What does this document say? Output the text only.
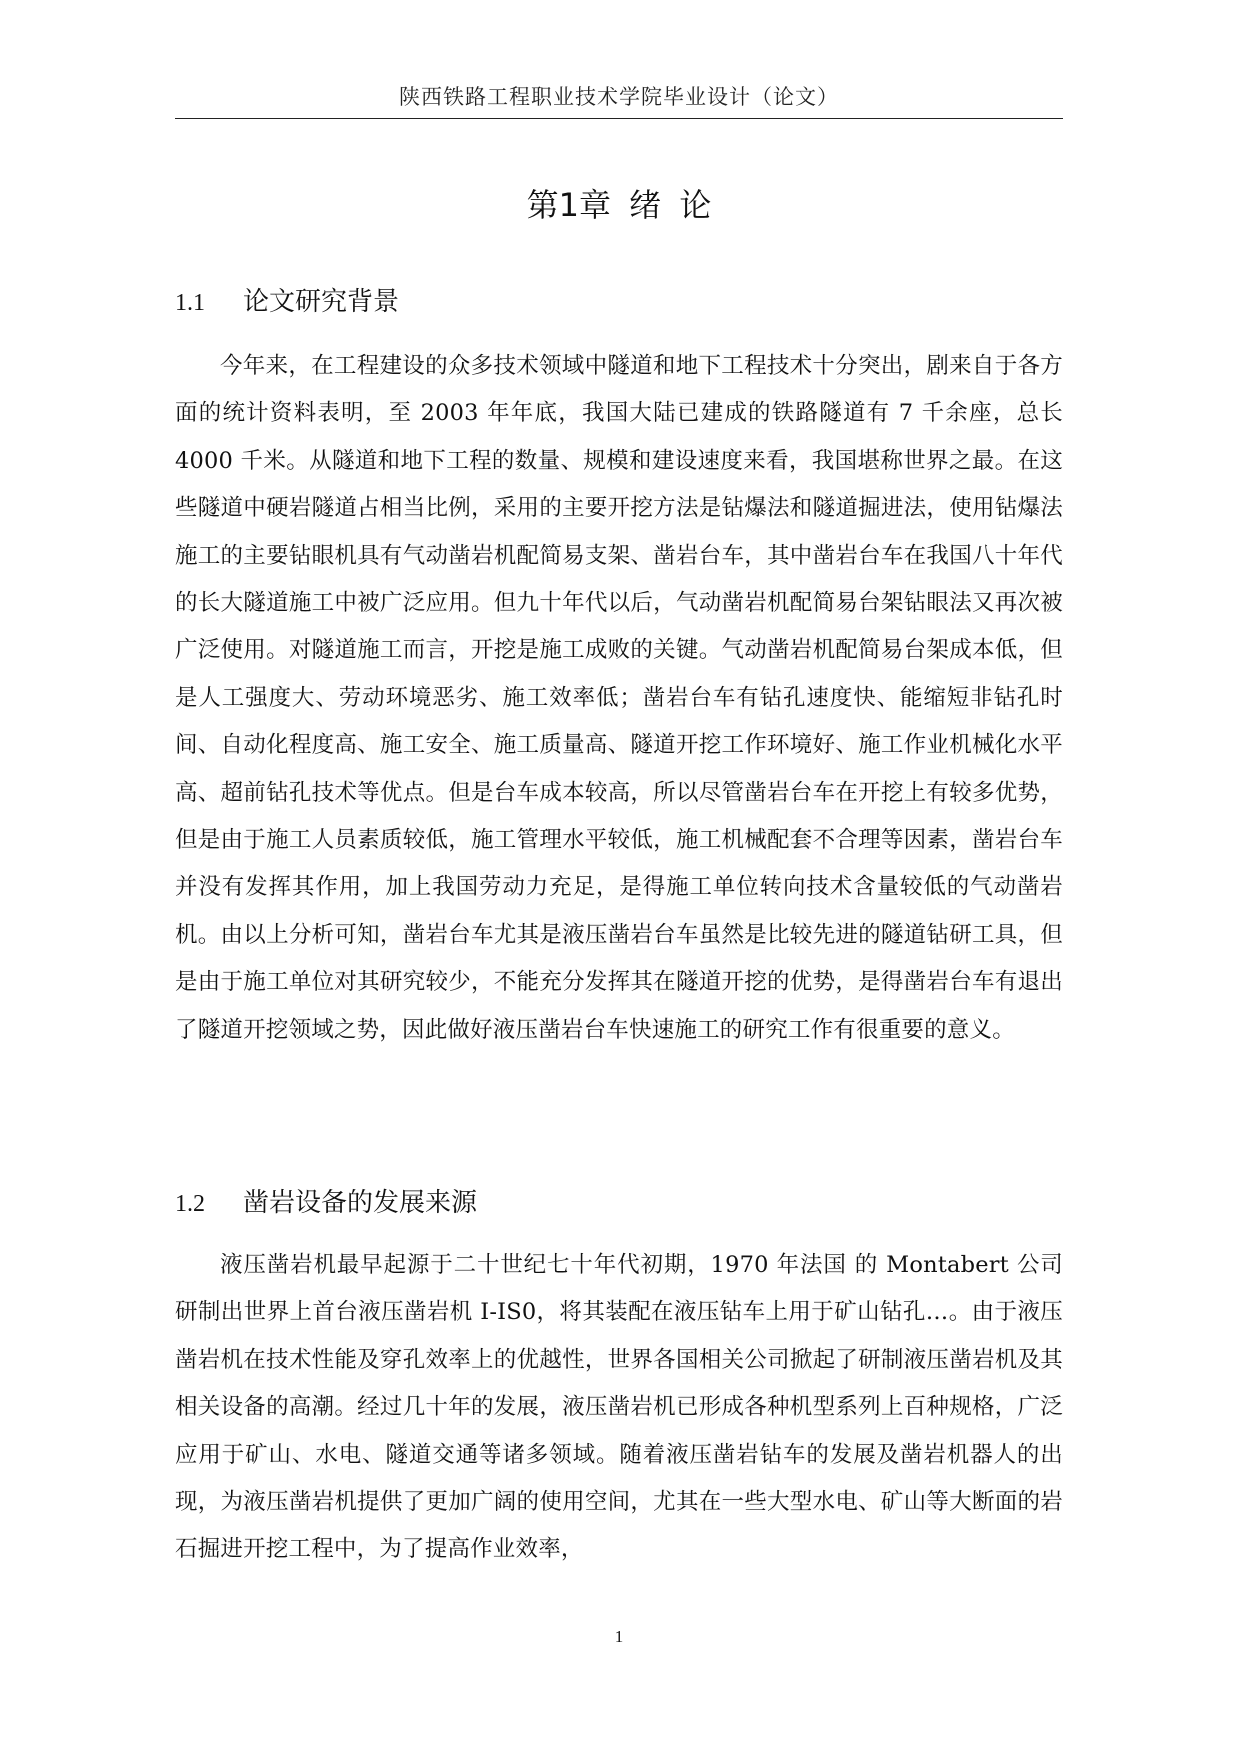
陕西铁路工程职业技术学院毕业设计（论文）
第1章 绪 论
1.1 论文研究背景

今年来，在工程建设的众多技术领域中隧道和地下工程技术十分突出，剧来自于各方面的统计资料表明，至 2003 年年底，我国大陆已建成的铁路隧道有 7 千余座，总长 4000 千米。从隧道和地下工程的数量、规模和建设速度来看，我国堪称世界之最。在这些隧道中硬岩隧道占相当比例，采用的主要开挖方法是钻爆法和隧道掘进法，使用钻爆法施工的主要钻眼机具有气动凿岩机配简易支架、凿岩台车，其中凿岩台车在我国八十年代的长大隧道施工中被广泛应用。但九十年代以后，气动凿岩机配简易台架钻眼法又再次被广泛使用。对隧道施工而言，开挖是施工成败的关键。气动凿岩机配简易台架成本低，但是人工强度大、劳动环境恶劣、施工效率低；凿岩台车有钻孔速度快、能缩短非钻孔时间、自动化程度高、施工安全、施工质量高、隧道开挖工作环境好、施工作业机械化水平高、超前钻孔技术等优点。但是台车成本较高，所以尽管凿岩台车在开挖上有较多优势，但是由于施工人员素质较低，施工管理水平较低，施工机械配套不合理等因素，凿岩台车并没有发挥其作用，加上我国劳动力充足，是得施工单位转向技术含量较低的气动凿岩机。由以上分析可知，凿岩台车尤其是液压凿岩台车虽然是比较先进的隧道钻研工具，但是由于施工单位对其研究较少，不能充分发挥其在隧道开挖的优势，是得凿岩台车有退出了隧道开挖领域之势，因此做好液压凿岩台车快速施工的研究工作有很重要的意义。

1.2 凿岩设备的发展来源

液压凿岩机最早起源于二十世纪七十年代初期，1970 年法国 的 Montabert 公司研制出世界上首台液压凿岩机 I-IS0，将其装配在液压钻车上用于矿山钻孔…。由于液压凿岩机在技术性能及穿孔效率上的优越性，世界各国相关公司掀起了研制液压凿岩机及其相关设备的高潮。经过几十年的发展，液压凿岩机已形成各种机型系列上百种规格，广泛应用于矿山、水电、隧道交通等诸多领域。随着液压凿岩钻车的发展及凿岩机器人的出现，为液压凿岩机提供了更加广阔的使用空间，尤其在一些大型水电、矿山等大断面的岩石掘进开挖工程中，为了提高作业效率，

1
